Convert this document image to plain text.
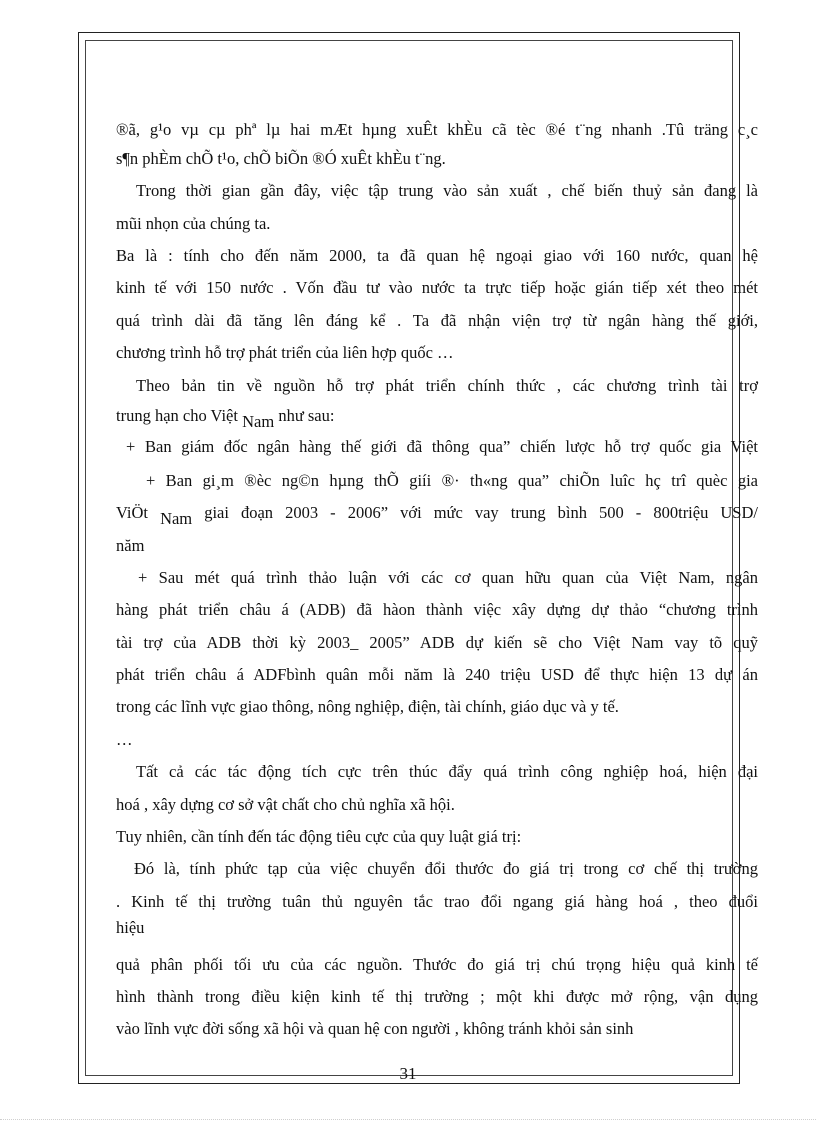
®ã, g¹o vµ cµ phª lµ hai mÆt hµng xuÊt khÈu cã tèc ®é t¨ng nhanh .Tû träng c¸c
s¶n phÈm chÕ t¹o, chÕ biÕn ®Ó xuÊt khÈu t¨ng.
Trong thời gian gần đây, việc tập trung vào sản xuất , chế biến thuỷ sản đang là
mũi nhọn của chúng ta.
Ba là : tính cho đến năm 2000, ta đã quan hệ ngoại giao với 160 nước, quan hệ
kinh tế với 150 nước . Vốn đầu tư vào nước ta trực tiếp hoặc gián tiếp xét theo mét
quá trình dài đã tăng lên đáng kể . Ta đã nhận viện trợ từ ngân hàng thế giới,
chương trình hỗ trợ phát triển của liên hợp quốc …
Theo bản tin về nguồn hỗ trợ phát triển chính thức , các chương trình tài trợ
trung hạn cho Việt Nam như sau:
+ Ban giám đốc ngân hàng thế giới đã thông qua” chiến lược hỗ trợ quốc gia Việt
+ Ban gi¸m ®èc ng©n hµng thÕ giíi ®· th«ng qua” chiÕn luîc hç trî quèc gia
ViÖt Nam giai đoạn 2003 - 2006” với mức vay trung bình 500 - 800triệu USD/
năm
+ Sau mét quá trình thảo luận với các cơ quan hữu quan của Việt Nam, ngân
hàng phát triển châu á (ADB) đã hàon thành việc xây dựng dự thảo “chương trình
tài trợ của ADB thời kỳ 2003_ 2005” ADB dự kiến sẽ cho Việt Nam vay tõ quỹ
phát triển châu á ADFbình quân mỗi năm là 240 triệu USD để thực hiện 13 dự án
trong các lĩnh vực giao thông, nông nghiệp, điện, tài chính, giáo dục và y tế.
…
Tất cả các tác động tích cực trên thúc đẩy quá trình công nghiệp hoá, hiện đại
hoá , xây dựng cơ sở vật chất cho chủ nghĩa xã hội.
Tuy nhiên, cần tính đến tác động tiêu cực của quy luật giá trị:
Đó là, tính phức tạp của việc chuyển đổi thước đo giá trị trong cơ chế thị trường
. Kinh tế thị trường tuân thủ nguyên tắc trao đổi ngang giá hàng hoá , theo đuổi
hiệu
quả phân phối tối ưu của các nguồn. Thước đo giá trị chú trọng hiệu quả kinh tế
hình thành trong điều kiện kinh tế thị trường ; một khi được mở rộng, vận dụng
vào lĩnh vực đời sống xã hội và quan hệ con người , không tránh khỏi sản sinh
31
